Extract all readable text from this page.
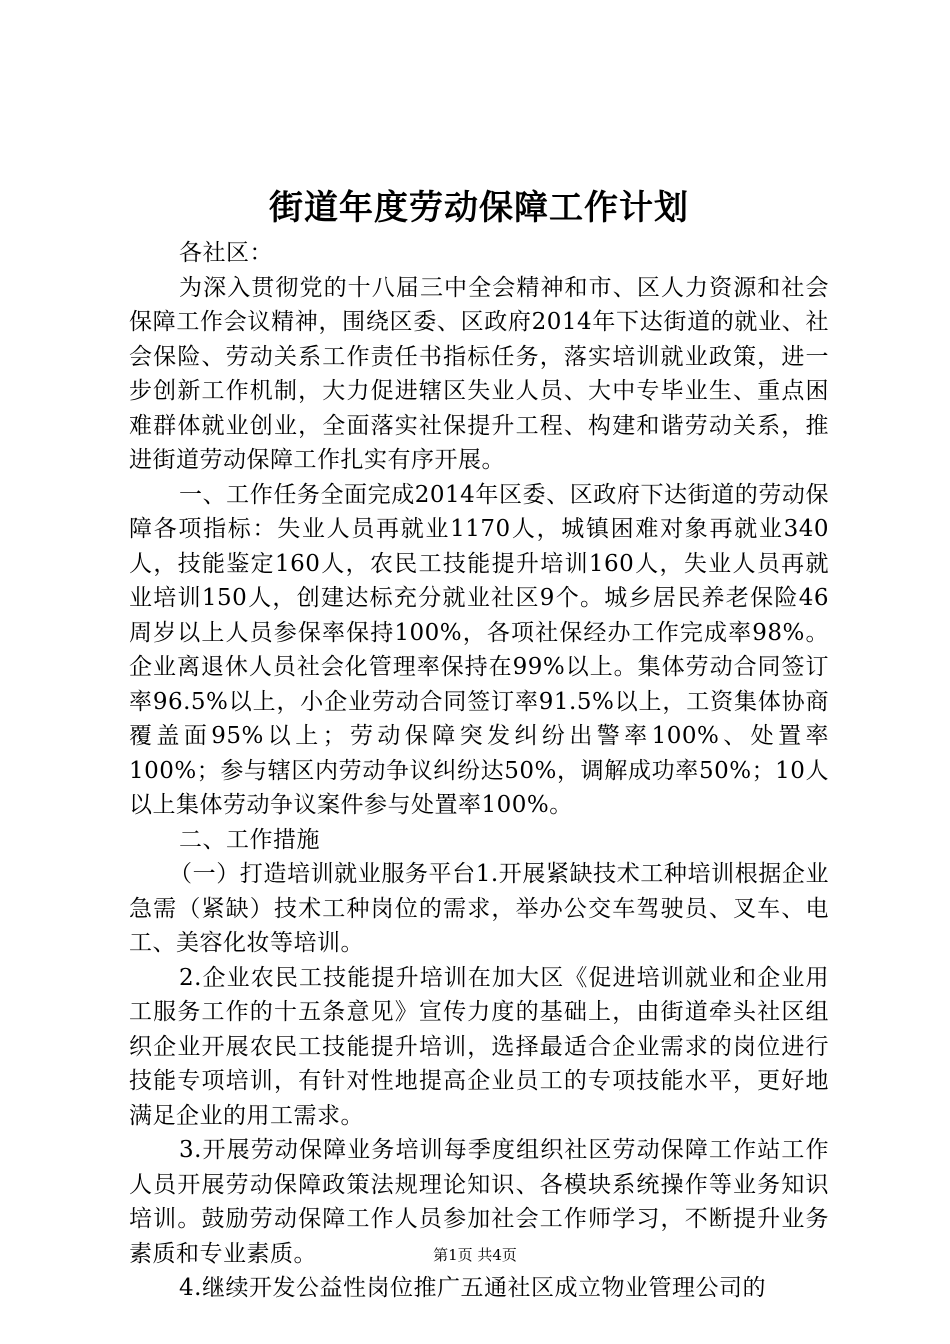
街道年度劳动保障工作计划

各社区：

为深入贯彻党的十八届三中全会精神和市、区人力资源和社会保障工作会议精神，围绕区委、区政府2014年下达街道的就业、社会保险、劳动关系工作责任书指标任务，落实培训就业政策，进一步创新工作机制，大力促进辖区失业人员、大中专毕业生、重点困难群体就业创业，全面落实社保提升工程、构建和谐劳动关系，推进街道劳动保障工作扎实有序开展。

一、工作任务全面完成2014年区委、区政府下达街道的劳动保障各项指标：失业人员再就业1170人，城镇困难对象再就业340人，技能鉴定160人，农民工技能提升培训160人，失业人员再就业培训150人，创建达标充分就业社区9个。城乡居民养老保险46周岁以上人员参保率保持100%，各项社保经办工作完成率98%。企业离退休人员社会化管理率保持在99%以上。集体劳动合同签订率96.5%以上，小企业劳动合同签订率91.5%以上，工资集体协商覆盖面95%以上；劳动保障突发纠纷出警率100%、处置率100%；参与辖区内劳动争议纠纷达50%，调解成功率50%；10人以上集体劳动争议案件参与处置率100%。

二、工作措施

（一）打造培训就业服务平台1.开展紧缺技术工种培训根据企业急需（紧缺）技术工种岗位的需求，举办公交车驾驶员、叉车、电工、美容化妆等培训。

2.企业农民工技能提升培训在加大区《促进培训就业和企业用工服务工作的十五条意见》宣传力度的基础上，由街道牵头社区组织企业开展农民工技能提升培训，选择最适合企业需求的岗位进行技能专项培训，有针对性地提高企业员工的专项技能水平，更好地满足企业的用工需求。

3.开展劳动保障业务培训每季度组织社区劳动保障工作站工作人员开展劳动保障政策法规理论知识、各模块系统操作等业务知识培训。鼓励劳动保障工作人员参加社会工作师学习，不断提升业务素质和专业素质。

4.继续开发公益性岗位推广五通社区成立物业管理公司的

第1页 共4页
